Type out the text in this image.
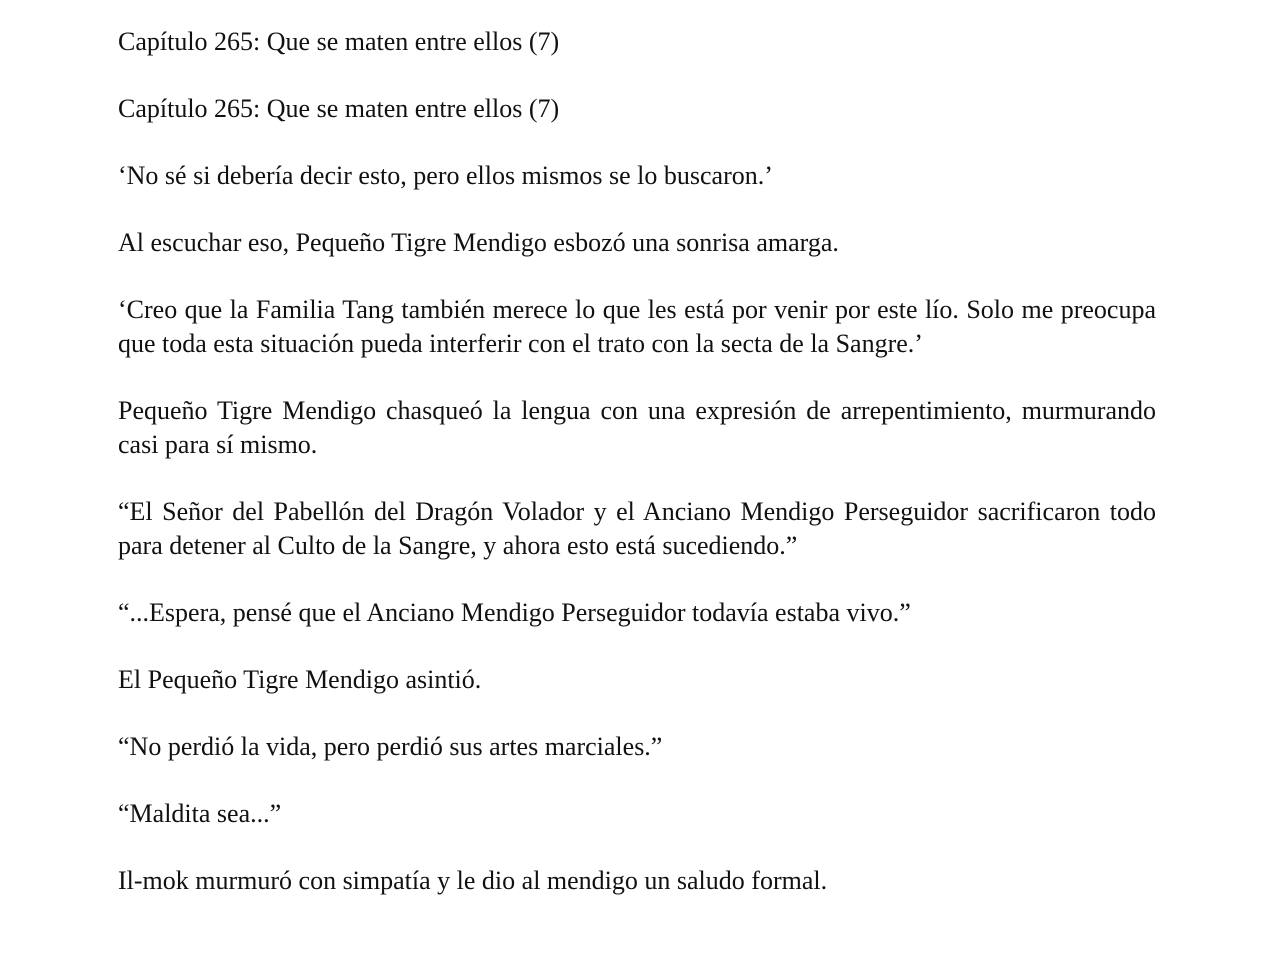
Capítulo 265: Que se maten entre ellos (7)

Capítulo 265: Que se maten entre ellos (7)

‘No sé si debería decir esto, pero ellos mismos se lo buscaron.’

Al escuchar eso, Pequeño Tigre Mendigo esbozó una sonrisa amarga.

‘Creo que la Familia Tang también merece lo que les está por venir por este lío. Solo me preocupa que toda esta situación pueda interferir con el trato con la secta de la Sangre.’

Pequeño Tigre Mendigo chasqueó la lengua con una expresión de arrepentimiento, murmurando casi para sí mismo.

“El Señor del Pabellón del Dragón Volador y el Anciano Mendigo Perseguidor sacrificaron todo para detener al Culto de la Sangre, y ahora esto está sucediendo.”

“...Espera, pensé que el Anciano Mendigo Perseguidor todavía estaba vivo.”

El Pequeño Tigre Mendigo asintió.

“No perdió la vida, pero perdió sus artes marciales.”

“Maldita sea...”

Il-mok murmuró con simpatía y le dio al mendigo un saludo formal.
